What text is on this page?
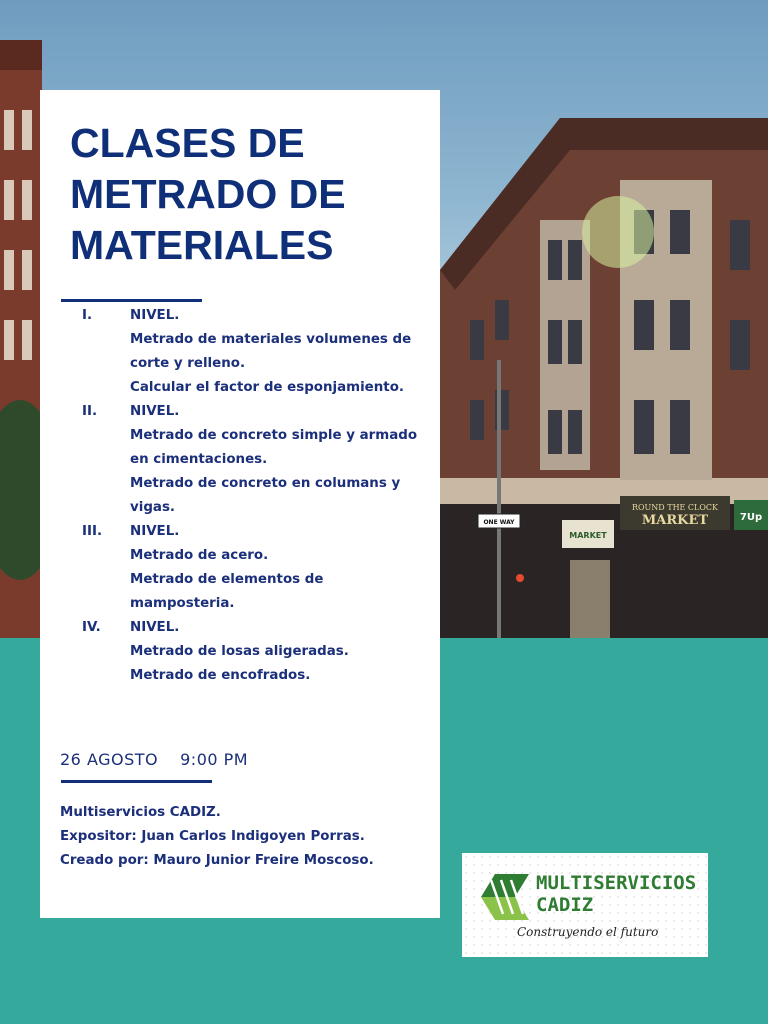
ROUND THE CLOCK
MARKET	7Up
MARKET
ONE WAY
CLASES DE METRADO DE MATERIALES
I.	NIVEL.
Metrado de materiales volumenes de corte y relleno.
Calcular el factor de esponjamiento.
II.	NIVEL.
Metrado de concreto simple y armado en cimentaciones.
Metrado de concreto en columans y vigas.
III.	NIVEL.
Metrado de acero.
Metrado de elementos de mamposteria.
IV.	NIVEL.
Metrado de losas aligeradas.
Metrado de encofrados.
26 AGOSTO 9:00 PM
Multiservicios CADIZ.
Expositor: Juan Carlos Indigoyen Porras.
Creado por: Mauro Junior Freire Moscoso.
MULTISERVICIOS
CADIZ
Construyendo el futuro
